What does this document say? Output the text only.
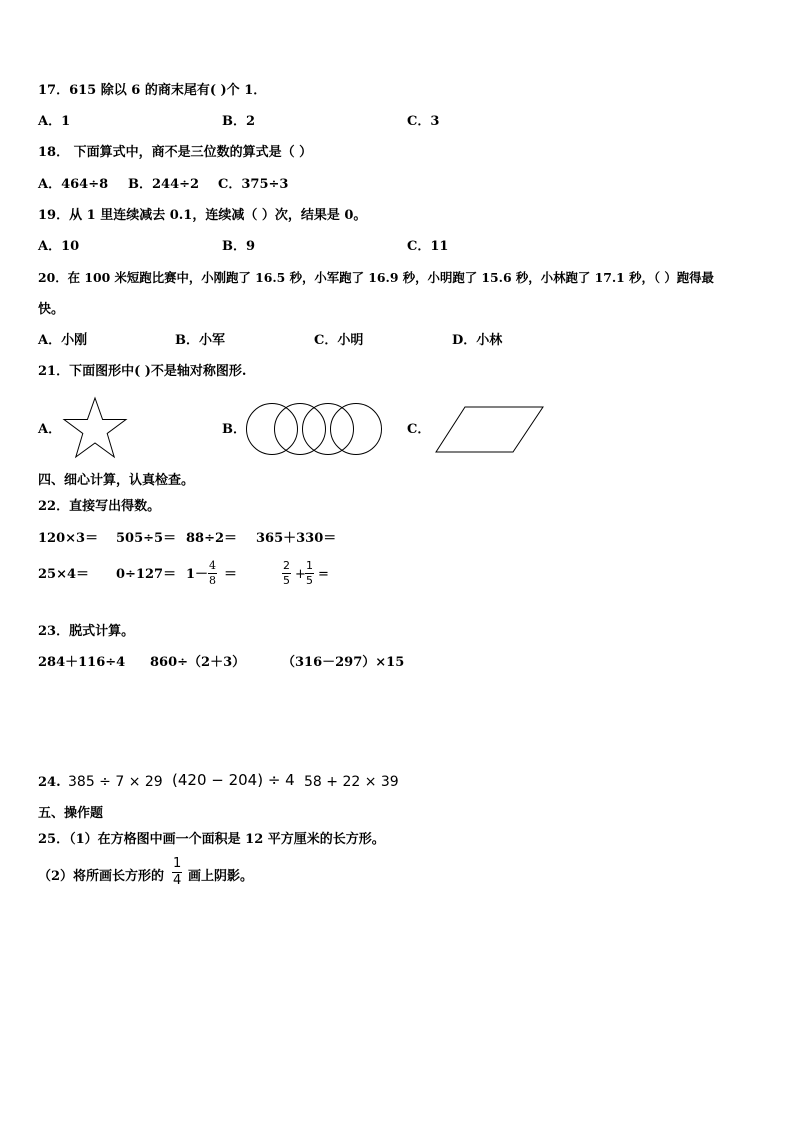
17．615 除以 6 的商末尾有( )个 1．
A．1	B．2	C．3
18． 下面算式中，商不是三位数的算式是（ ）
A．464÷8 B．244÷2 C．375÷3
19．从 1 里连续减去 0.1，连续减（ ）次，结果是 0。
A．10	B．9	C．11
20．在 100 米短跑比赛中，小刚跑了 16.5 秒，小军跑了 16.9 秒，小明跑了 15.6 秒，小林跑了 17.1 秒，（ ）跑得最
快。
A．小刚	B．小军	C．小明	D．小林
21．下面图形中( )不是轴对称图形.
A．	B．	C．
四、细心计算，认真检查。
22．直接写出得数。
120×3＝ 505÷5＝ 88÷2＝ 365＋330＝
25×4＝ 0÷127＝ 1－
4
8 ＝
2
5 +
1
5 =
23．脱式计算。
284＋116÷4 860÷（2＋3）	（316－297）×15
24. 385 ÷ 7 × 29 (420 − 204) ÷ 4 58 + 22 × 39
五、操作题
25．（1）在方格图中画一个面积是 12 平方厘米的长方形。
（2）将所画长方形的
1
4 画上阴影。
